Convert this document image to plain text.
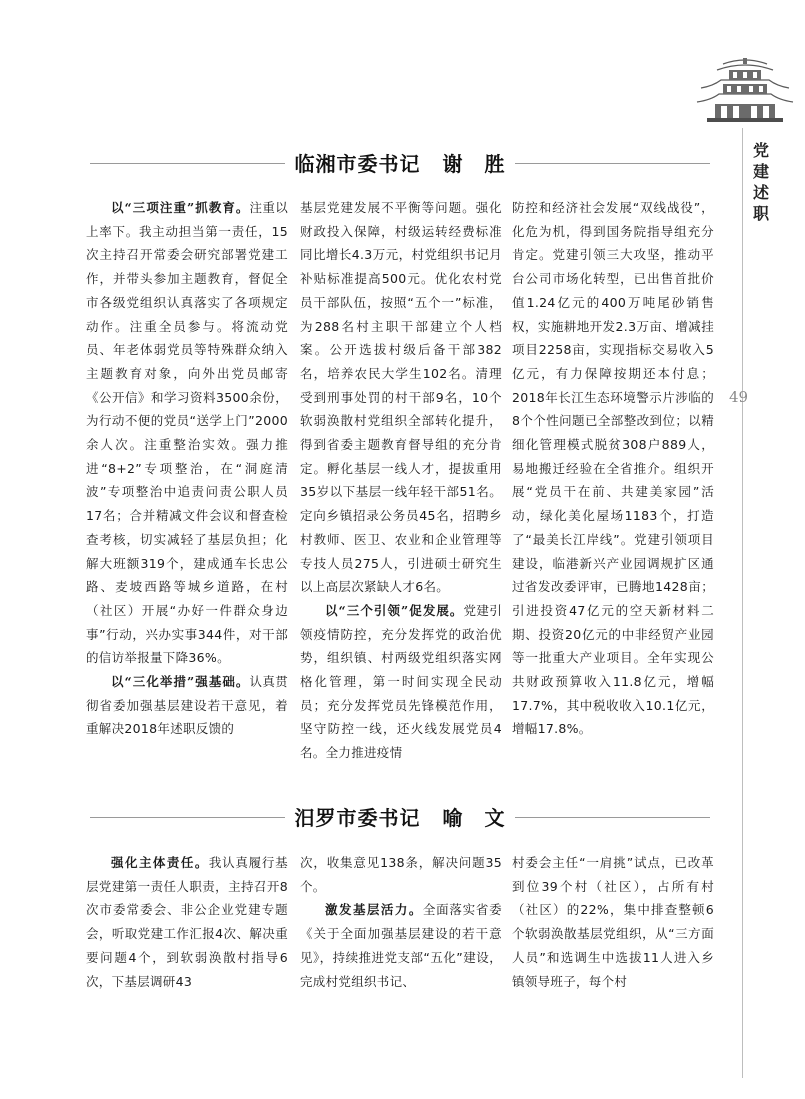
党建述职
49
临湘市委书记 谢　胜

以“三项注重”抓教育。注重以上率下。我主动担当第一责任，15次主持召开常委会研究部署党建工作，并带头参加主题教育，督促全市各级党组织认真落实了各项规定动作。注重全员参与。将流动党员、年老体弱党员等特殊群众纳入主题教育对象，向外出党员邮寄《公开信》和学习资料3500余份，为行动不便的党员“送学上门”2000余人次。注重整治实效。强力推进“8+2”专项整治，在“洞庭清波”专项整治中追责问责公职人员17名；合并精减文件会议和督查检查考核，切实减轻了基层负担；化解大班额319个，建成通车长忠公路、麦坡西路等城乡道路，在村（社区）开展“办好一件群众身边事”行动，兴办实事344件，对干部的信访举报量下降36%。

以“三化举措”强基础。认真贯彻省委加强基层建设若干意见，着重解决2018年述职反馈的

基层党建发展不平衡等问题。强化财政投入保障，村级运转经费标准同比增长4.3万元，村党组织书记月补贴标准提高500元。优化农村党员干部队伍，按照“五个一”标准，为288名村主职干部建立个人档案。公开选拔村级后备干部382名，培养农民大学生102名。清理受到刑事处罚的村干部9名，10个软弱涣散村党组织全部转化提升，得到省委主题教育督导组的充分肯定。孵化基层一线人才，提拔重用35岁以下基层一线年轻干部51名。定向乡镇招录公务员45名，招聘乡村教师、医卫、农业和企业管理等专技人员275人，引进硕士研究生以上高层次紧缺人才6名。

以“三个引领”促发展。党建引领疫情防控，充分发挥党的政治优势，组织镇、村两级党组织落实网格化管理，第一时间实现全民动员；充分发挥党员先锋模范作用，坚守防控一线，还火线发展党员4名。全力推进疫情

防控和经济社会发展“双线战役”，化危为机，得到国务院指导组充分肯定。党建引领三大攻坚，推动平台公司市场化转型，已出售首批价值1.24亿元的400万吨尾砂销售权，实施耕地开发2.3万亩、增减挂项目2258亩，实现指标交易收入5亿元，有力保障按期还本付息；2018年长江生态环境警示片涉临的8个个性问题已全部整改到位；以精细化管理模式脱贫308户889人，易地搬迁经验在全省推介。组织开展“党员干在前、共建美家园”活动，绿化美化屋场1183个，打造了“最美长江岸线”。党建引领项目建设，临港新兴产业园调规扩区通过省发改委评审，已腾地1428亩；引进投资47亿元的空天新材料二期、投资20亿元的中非经贸产业园等一批重大产业项目。全年实现公共财政预算收入11.8亿元，增幅17.7%，其中税收收入10.1亿元，增幅17.8%。

汨罗市委书记 喻　文

强化主体责任。我认真履行基层党建第一责任人职责，主持召开8次市委常委会、非公企业党建专题会，听取党建工作汇报4次、解决重要问题4个，到软弱涣散村指导6次，下基层调研43

次，收集意见138条，解决问题35个。

激发基层活力。全面落实省委《关于全面加强基层建设的若干意见》，持续推进党支部“五化”建设，完成村党组织书记、

村委会主任“一肩挑”试点，已改革到位39个村（社区），占所有村（社区）的22%，集中排查整顿6个软弱涣散基层党组织，从“三方面人员”和选调生中选拔11人进入乡镇领导班子，每个村
